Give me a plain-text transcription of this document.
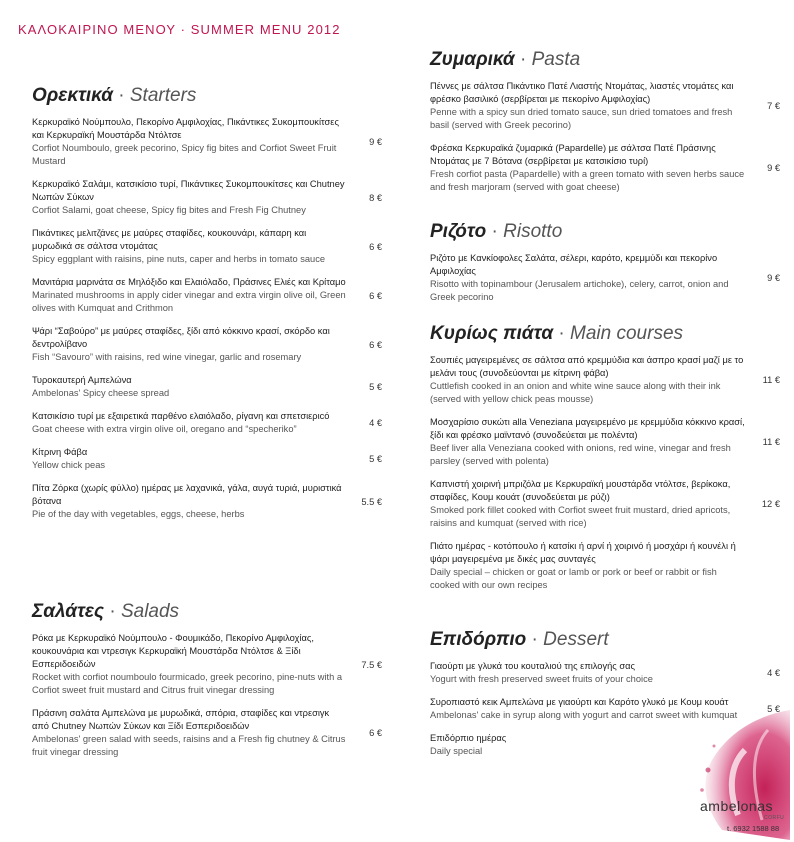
ΚΑΛΟΚΑΙΡΙΝΟ ΜΕΝΟΥ · SUMMER MENU 2012
Ορεκτικά · Starters
Κερκυραϊκό Νούμπουλο, Πεκορίνο Αμφιλοχίας, Πικάντικες Συκομπουκίτσες και Κερκυραϊκή Μουστάρδα Ντόλτσε
Corfiot Noumboulo, greek pecorino, Spicy fig bites and Corfiot Sweet Fruit Mustard
9 €
Κερκυραϊκό Σαλάμι, κατσικίσιο τυρί, Πικάντικες Συκομπουκίτσες και Chutney Νωπών Σύκων
Corfiot Salami, goat cheese, Spicy fig bites and Fresh Fig Chutney
8 €
Πικάντικες μελιτζάνες με μαύρες σταφίδες, κουκουνάρι, κάπαρη και μυρωδικά σε σάλτσα ντομάτας
Spicy eggplant with raisins, pine nuts, caper and herbs in tomato sauce
6 €
Μανιτάρια μαρινάτα σε Μηλόξιδο και Ελαιόλαδο, Πράσινες Ελιές και Κρίταμο
Marinated mushrooms in apply cider vinegar and extra virgin olive oil, Green olives with Kumquat and Crithmon
6 €
Ψάρι “Σαβούρο” με μαύρες σταφίδες, ξίδι από κόκκινο κρασί, σκόρδο και δεντρολίβανο
Fish “Savouro” with raisins, red wine vinegar, garlic and rosemary
6 €
Τυροκαυτερή Αμπελώνα
Ambelonas' Spicy cheese spread
5 €
Κατσικίσιο τυρί με εξαιρετικά παρθένο ελαιόλαδο, ρίγανη και σπετσιεριcό
Goat cheese with extra virgin olive oil, oregano and “specheriko”
4 €
Κίτρινη Φάβα
Yellow chick peas
5 €
Πίτα Ζόρκα (χωρίς φύλλο) ημέρας με λαχανικά, γάλα, αυγά τυριά, μυριστικά βότανα
Pie of the day with vegetables, eggs, cheese, herbs
5.5 €
Σαλάτες · Salads
Ρόκα με Κερκυραϊκό Νούμπουλο - Φουμικάδο, Πεκορίνο Αμφιλοχίας, κουκουνάρια και ντρεσιγκ Κερκυραϊκή Μουστάρδα Ντόλτσε & Ξίδι Εσπεριδοειδών
Rocket with corfiot noumboulo fourmicado, greek pecorino, pine-nuts with a Corfiot sweet fruit mustard and Citrus fruit vinegar dressing
7.5 €
Πράσινη σαλάτα Αμπελώνα με μυρωδικά, σπόρια, σταφίδες και ντρεσιγκ από Chutney Νωπών Σύκων και Ξίδι Εσπεριδοειδών
Ambelonas' green salad with seeds, raisins and a Fresh fig chutney & Citrus fruit vinegar dressing
6 €
Ζυμαρικά · Pasta
Πέννες με σάλτσα Πικάντικο Πατέ Λιαστής Ντομάτας, λιαστές ντομάτες και φρέσκο βασιλικό (σερβίρεται με πεκορίνο Αμφιλοχίας)
Penne with a spicy sun dried tomato sauce, sun dried tomatoes and fresh basil (served with Greek pecorino)
7 €
Φρέσκα Κερκυραϊκά ζυμαρικά (Papardelle) με σάλτσα Πατέ Πράσινης Ντομάτας με 7 Βότανα (σερβίρεται με κατσικίσιο τυρί)
Fresh corfiot pasta (Papardelle) with a green tomato with seven herbs sauce and fresh marjoram (served with goat cheese)
9 €
Ριζότο · Risotto
Ριζότο με Κανκίοφολες Σαλάτα, σέλερι, καρότο, κρεμμύδι και πεκορίνο Αμφιλοχίας
Risotto with topinambour (Jerusalem artichoke), celery, carrot, onion and Greek pecorino
9 €
Κυρίως πιάτα · Main courses
Σουπιές μαγειρεμένες σε σάλτσα από κρεμμύδια και άσπρο κρασί μαζί με το μελάνι τους (συνοδεύονται με κίτρινη φάβα)
Cuttlefish cooked in an onion and white wine sauce along with their ink (served with yellow chick peas mousse)
11 €
Μοσχαρίσιο συκώτι alla Veneziana μαγειρεμένο με κρεμμύδια κόκκινο κρασί, ξίδι και φρέσκο μαϊντανό (συνοδεύεται με πολέντα)
Beef liver alla Veneziana cooked with onions, red wine, vinegar and fresh parsley (served with polenta)
11 €
Καπνιστή χοιρινή μπριζόλα με Κερκυραϊκή μουστάρδα ντόλτσε, βερίκοκα, σταφίδες, Κουμ κουάτ (συνοδεύεται με ρύζι)
Smoked pork fillet cooked with Corfiot sweet fruit mustard, dried apricots, raisins and kumquat (served with rice)
12 €
Πιάτο ημέρας - κοτόπουλο ή κατσίκι ή αρνί ή χοιρινό ή μοσχάρι ή κουνέλι ή ψάρι μαγειρεμένα με δικές μας συνταγές
Daily special – chicken or goat or lamb or pork or beef or rabbit or fish cooked with our own recipes
Επιδόρπιο · Dessert
Γιαούρτι με γλυκά του κουταλιού της επιλογής σας
Yogurt with fresh preserved sweet fruits of your choice
4 €
Συροπιαστό κεικ Αμπελώνα με γιαούρτι και Καρότο γλυκό με Κουμ κουάτ
Ambelonas' cake in syrup along with yogurt and carrot sweet with kumquat
5 €
Επιδόρπιο ημέρας
Daily special
ambelonas
CORFU
t. 6932 1588 88
